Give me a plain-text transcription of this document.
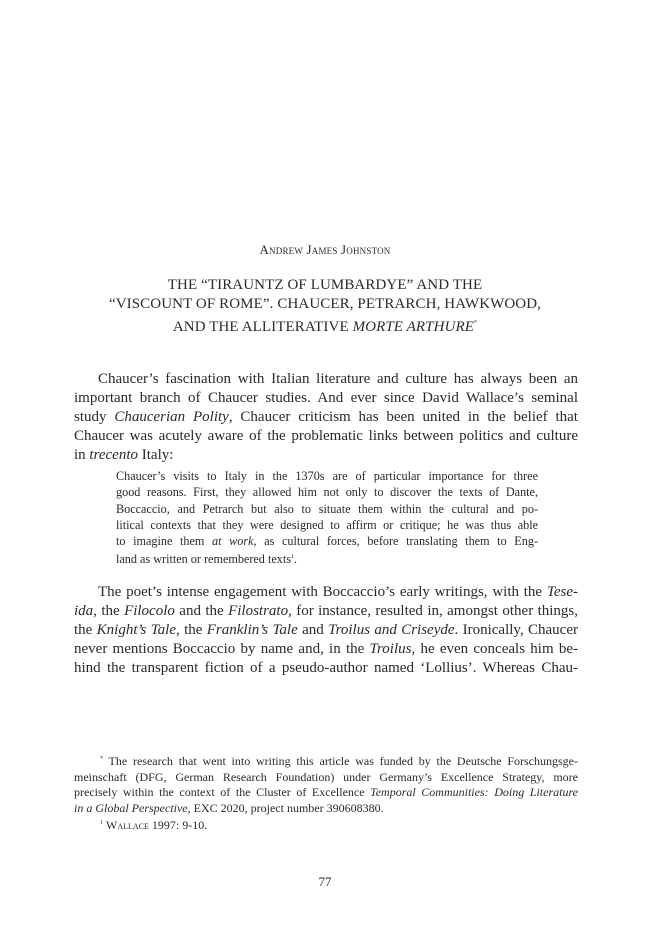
Andrew James Johnston
THE “TIRAUNTZ OF LUMBARDYE” AND THE
“VISCOUNT OF ROME”. CHAUCER, PETRARCH, HAWKWOOD,
AND THE ALLITERATIVE MORTE ARTHURE*
Chaucer’s fascination with Italian literature and culture has always been an
important branch of Chaucer studies. And ever since David Wallace’s seminal
study Chaucerian Polity, Chaucer criticism has been united in the belief that
Chaucer was acutely aware of the problematic links between politics and culture
in trecento Italy:
Chaucer’s visits to Italy in the 1370s are of particular importance for three
good reasons. First, they allowed him not only to discover the texts of Dante,
Boccaccio, and Petrarch but also to situate them within the cultural and po-
litical contexts that they were designed to affirm or critique; he was thus able
to imagine them at work, as cultural forces, before translating them to Eng-
land as written or remembered texts$^1$.
The poet’s intense engagement with Boccaccio’s early writings, with the Tese-
ida, the Filocolo and the Filostrato, for instance, resulted in, amongst other things,
the Knight’s Tale, the Franklin’s Tale and Troilus and Criseyde. Ironically, Chaucer
never mentions Boccaccio by name and, in the Troilus, he even conceals him be-
hind the transparent fiction of a pseudo-author named ‘Lollius’. Whereas Chau-
* The research that went into writing this article was funded by the Deutsche Forschungsge-
meinschaft (DFG, German Research Foundation) under Germany’s Excellence Strategy, more
precisely within the context of the Cluster of Excellence Temporal Communities: Doing Literature
in a Global Perspective, EXC 2020, project number 390608380.
$^1$ Wallace 1997: 9-10.
77
